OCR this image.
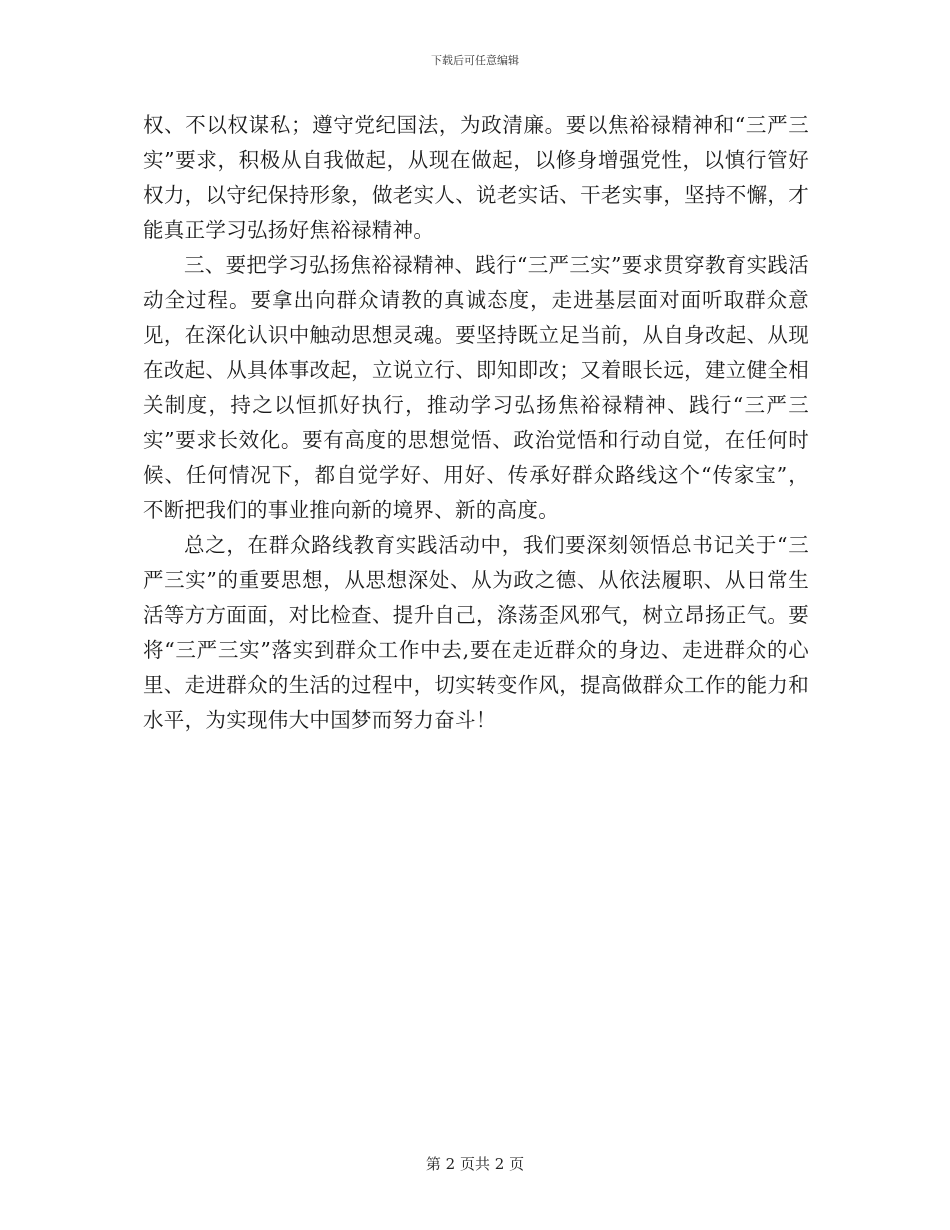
下载后可任意编辑

权、不以权谋私；遵守党纪国法，为政清廉。要以焦裕禄精神和“三严三实”要求，积极从自我做起，从现在做起，以修身增强党性，以慎行管好权力，以守纪保持形象，做老实人、说老实话、干老实事，坚持不懈，才能真正学习弘扬好焦裕禄精神。

三、要把学习弘扬焦裕禄精神、践行“三严三实”要求贯穿教育实践活动全过程。要拿出向群众请教的真诚态度，走进基层面对面听取群众意见，在深化认识中触动思想灵魂。要坚持既立足当前，从自身改起、从现在改起、从具体事改起，立说立行、即知即改；又着眼长远，建立健全相关制度，持之以恒抓好执行，推动学习弘扬焦裕禄精神、践行“三严三实”要求长效化。要有高度的思想觉悟、政治觉悟和行动自觉，在任何时候、任何情况下，都自觉学好、用好、传承好群众路线这个“传家宝”，不断把我们的事业推向新的境界、新的高度。

总之，在群众路线教育实践活动中，我们要深刻领悟总书记关于“三严三实”的重要思想，从思想深处、从为政之德、从依法履职、从日常生活等方方面面，对比检查、提升自己，涤荡歪风邪气，树立昂扬正气。要将“三严三实”落实到群众工作中去,要在走近群众的身边、走进群众的心里、走进群众的生活的过程中，切实转变作风，提高做群众工作的能力和水平，为实现伟大中国梦而努力奋斗！

第 2 页共 2 页
